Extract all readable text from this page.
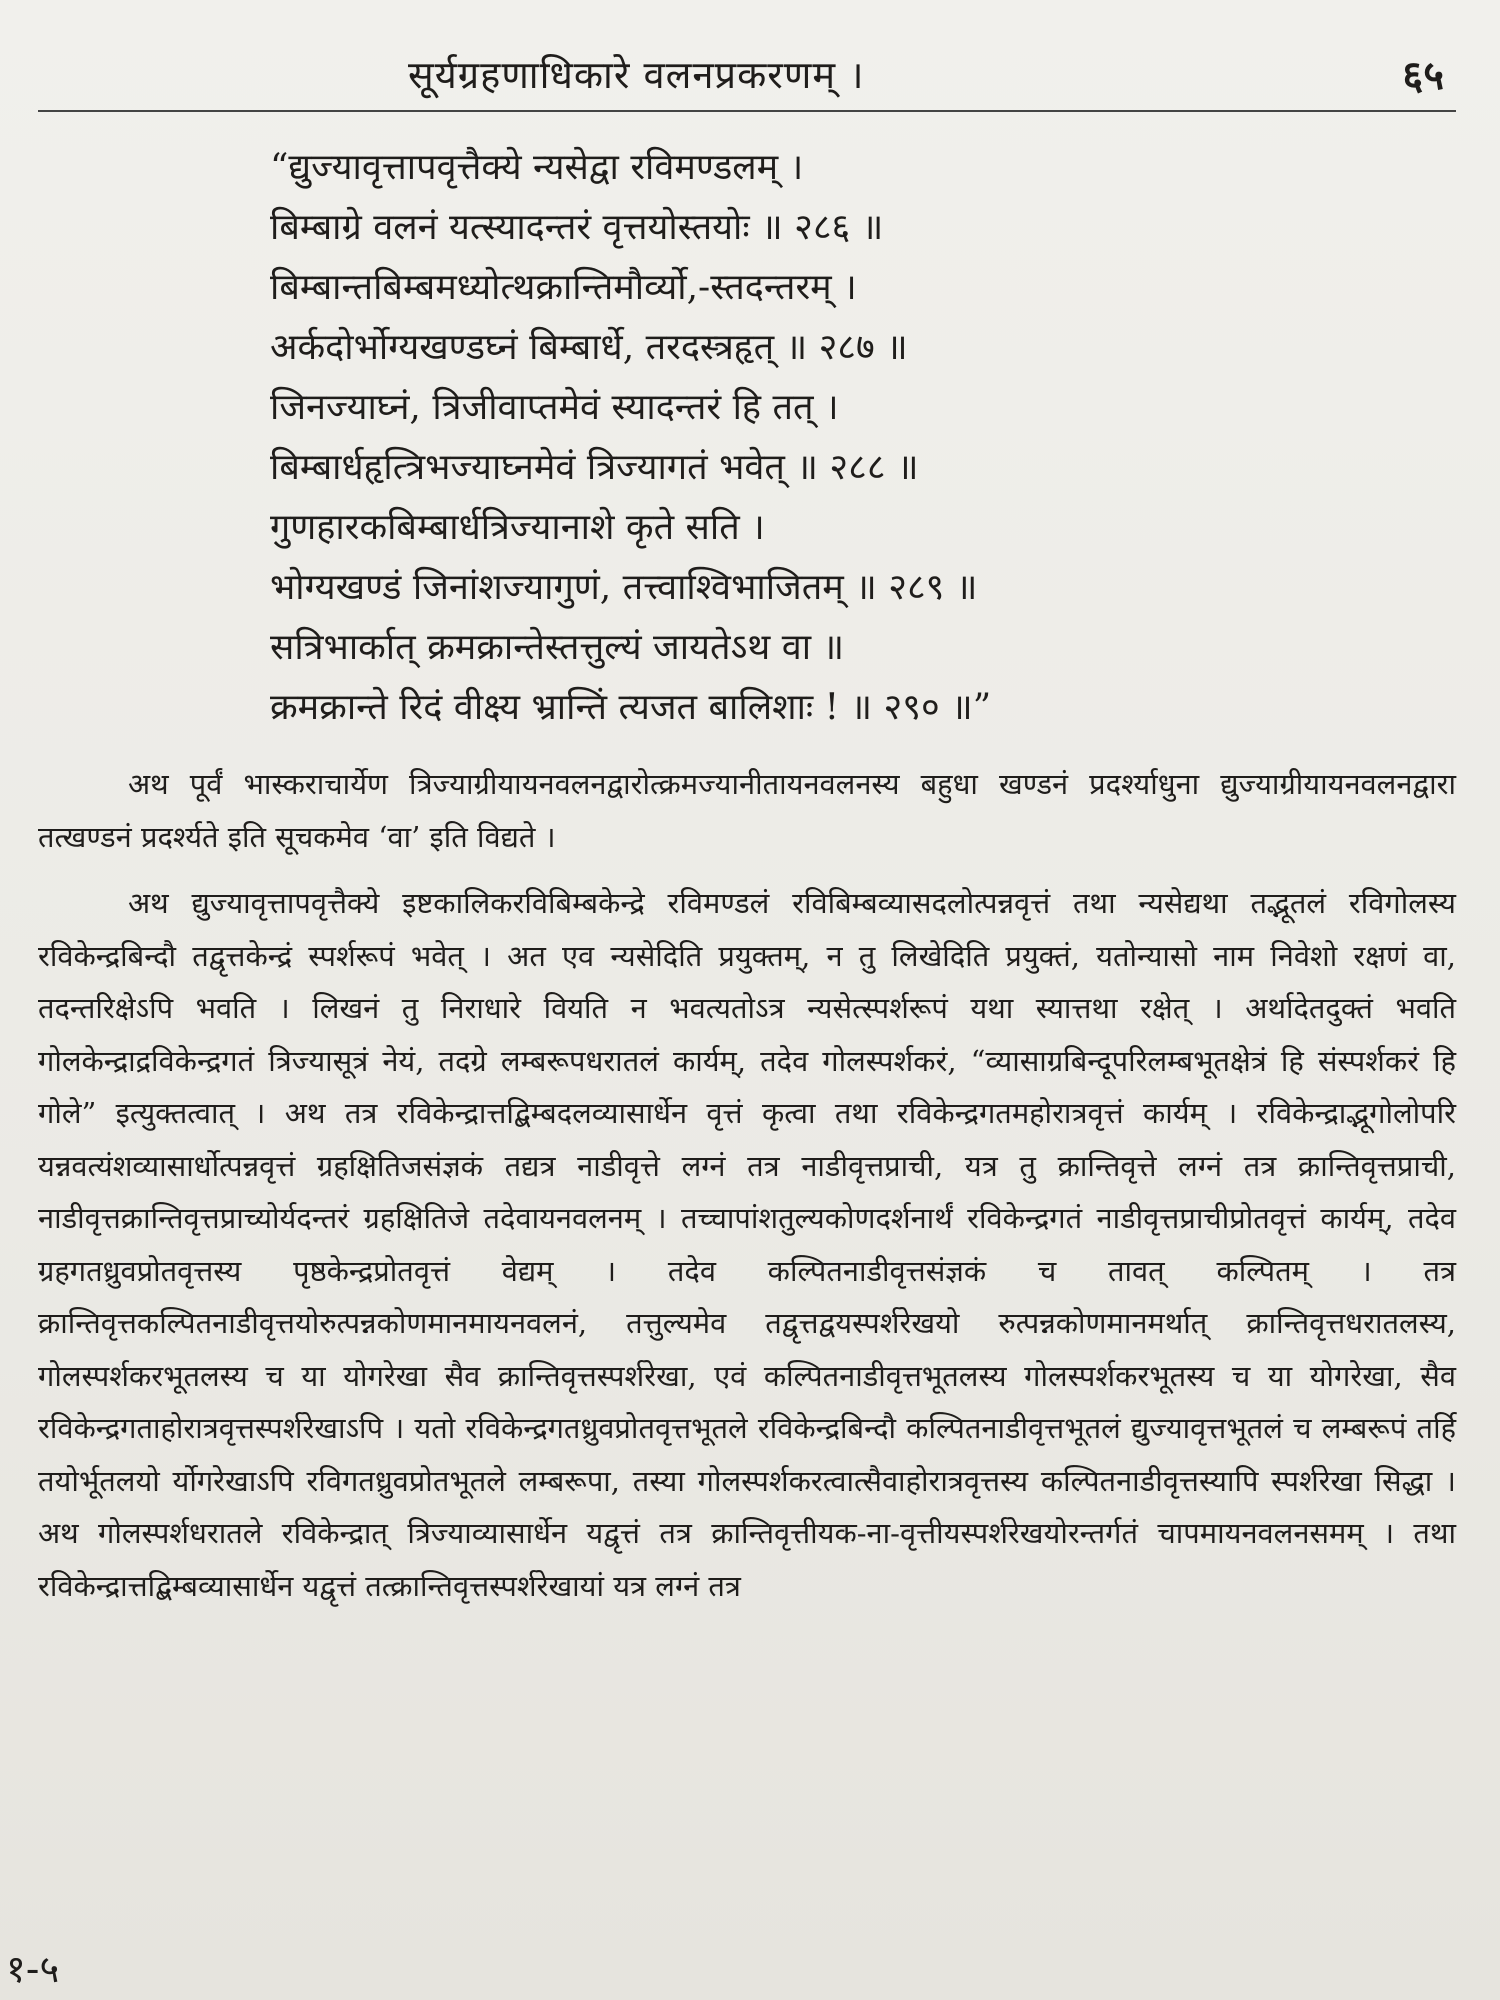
सूर्यग्रहणाधिकारे वलनप्रकरणम् ।	६५
“द्युज्यावृत्तापवृत्तैक्ये न्यसेद्वा रविमण्डलम् ।
बिम्बाग्रे वलनं यत्स्यादन्तरं वृत्तयोस्तयोः ॥ २८६ ॥
बिम्बान्तबिम्बमध्योत्थक्रान्तिमौर्व्यो,-स्तदन्तरम् ।
अर्कदोर्भोग्यखण्डघ्नं बिम्बार्धे, तरदस्त्रहृत् ॥ २८७ ॥
जिनज्याघ्नं, त्रिजीवाप्तमेवं स्यादन्तरं हि तत् ।
बिम्बार्धहृत्त्रिभज्याघ्नमेवं त्रिज्यागतं भवेत् ॥ २८८ ॥
गुणहारकबिम्बार्धत्रिज्यानाशे कृते सति ।
भोग्यखण्डं जिनांशज्यागुणं, तत्त्वाश्विभाजितम् ॥ २८९ ॥
सत्रिभार्कात् क्रमक्रान्तेस्तत्तुल्यं जायतेऽथ वा ॥
क्रमक्रान्ते रिदं वीक्ष्य भ्रान्तिं त्यजत बालिशाः ! ॥ २९० ॥”

अथ पूर्वं भास्कराचार्येण त्रिज्याग्रीयायनवलनद्वारोत्क्रमज्यानीतायनवलनस्य बहुधा खण्डनं प्रदर्श्याधुना द्युज्याग्रीयायनवलनद्वारा तत्खण्डनं प्रदर्श्यते इति सूचकमेव ‘वा’ इति विद्यते ।

अथ द्युज्यावृत्तापवृत्तैक्ये इष्टकालिकरविबिम्बकेन्द्रे रविमण्डलं रविबिम्बव्यासदलोत्पन्नवृत्तं तथा न्यसेद्यथा तद्भूतलं रविगोलस्य रविकेन्द्रबिन्दौ तद्वृत्तकेन्द्रं स्पर्शरूपं भवेत् । अत एव न्यसेदिति प्रयुक्तम्, न तु लिखेदिति प्रयुक्तं, यतोन्यासो नाम निवेशो रक्षणं वा, तदन्तरिक्षेऽपि भवति । लिखनं तु निराधारे वियति न भवत्यतोऽत्र न्यसेत्स्पर्शरूपं यथा स्यात्तथा रक्षेत् । अर्थादेतदुक्तं भवति गोलकेन्द्राद्रविकेन्द्रगतं त्रिज्यासूत्रं नेयं, तदग्रे लम्बरूपधरातलं कार्यम्, तदेव गोलस्पर्शकरं, “व्यासाग्रबिन्दूपरिलम्बभूतक्षेत्रं हि संस्पर्शकरं हि गोले” इत्युक्तत्वात् । अथ तत्र रविकेन्द्रात्तद्बिम्बदलव्यासार्धेन वृत्तं कृत्वा तथा रविकेन्द्रगतमहोरात्रवृत्तं कार्यम् । रविकेन्द्राद्भूगोलोपरि यन्नवत्यंशव्यासार्धोत्पन्नवृत्तं ग्रहक्षितिजसंज्ञकं तद्यत्र नाडीवृत्ते लग्नं तत्र नाडीवृत्तप्राची, यत्र तु क्रान्तिवृत्ते लग्नं तत्र क्रान्तिवृत्तप्राची, नाडीवृत्तक्रान्तिवृत्तप्राच्योर्यदन्तरं ग्रहक्षितिजे तदेवायनवलनम् । तच्चापांशतुल्यकोणदर्शनार्थं रविकेन्द्रगतं नाडीवृत्तप्राचीप्रोतवृत्तं कार्यम्, तदेव ग्रहगतध्रुवप्रोतवृत्तस्य पृष्ठकेन्द्रप्रोतवृत्तं वेद्यम् । तदेव कल्पितनाडीवृत्तसंज्ञकं च तावत् कल्पितम् । तत्र क्रान्तिवृत्तकल्पितनाडीवृत्तयोरुत्पन्नकोणमानमायनवलनं, तत्तुल्यमेव तद्वृत्तद्वयस्पर्शरेखयो रुत्पन्नकोणमानमर्थात् क्रान्तिवृत्तधरातलस्य, गोलस्पर्शकरभूतलस्य च या योगरेखा सैव क्रान्तिवृत्तस्पर्शरेखा, एवं कल्पितनाडीवृत्तभूतलस्य गोलस्पर्शकरभूतस्य च या योगरेखा, सैव रविकेन्द्रगताहोरात्रवृत्तस्पर्शरेखाऽपि । यतो रविकेन्द्रगतध्रुवप्रोतवृत्तभूतले रविकेन्द्रबिन्दौ कल्पितनाडीवृत्तभूतलं द्युज्यावृत्तभूतलं च लम्बरूपं तर्हि तयोर्भूतलयो र्योगरेखाऽपि रविगतध्रुवप्रोतभूतले लम्बरूपा, तस्या गोलस्पर्शकरत्वात्सैवाहोरात्रवृत्तस्य कल्पितनाडीवृत्तस्यापि स्पर्शरेखा सिद्धा । अथ गोलस्पर्शधरातले रविकेन्द्रात् त्रिज्याव्यासार्धेन यद्वृत्तं तत्र क्रान्तिवृत्तीयक-ना-वृत्तीयस्पर्शरेखयोरन्तर्गतं चापमायनवलनसमम् । तथा रविकेन्द्रात्तद्बिम्बव्यासार्धेन यद्वृत्तं तत्क्रान्तिवृत्तस्पर्शरेखायां यत्र लग्नं तत्र

१-५
